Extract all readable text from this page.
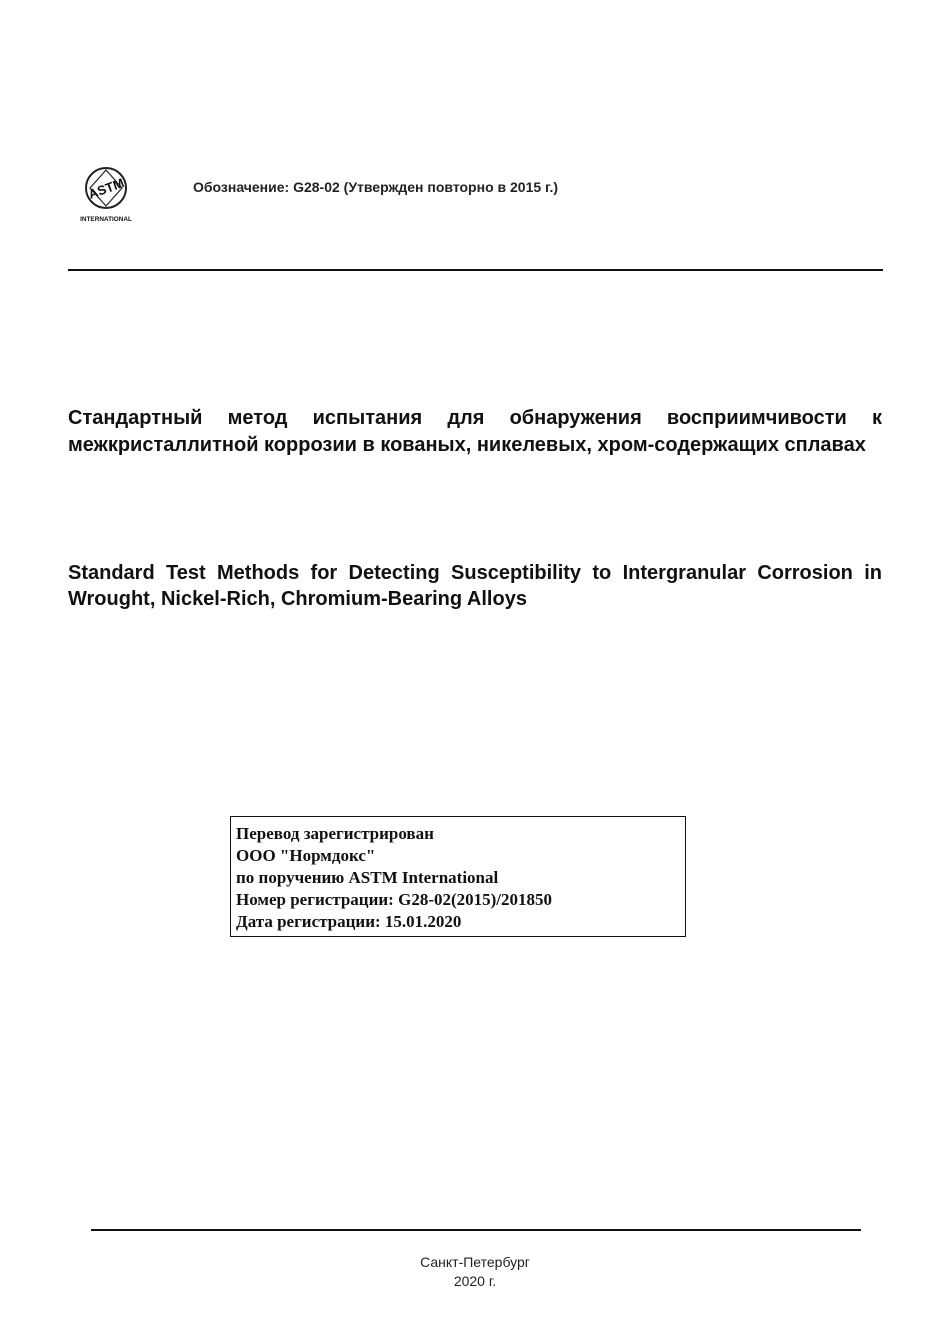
ASTM
INTERNATIONAL
Обозначение: G28-02 (Утвержден повторно в 2015 г.)
Стандартный метод испытания для обнаружения восприимчивости к межкристаллитной коррозии в кованых, никелевых, хром-содержащих сплавах
Standard Test Methods for Detecting Susceptibility to Intergranular Corrosion in Wrought, Nickel-Rich, Chromium-Bearing Alloys
Перевод зарегистрирован
ООО "Нормдокс"
по поручению ASTM International
Номер регистрации: G28-02(2015)/201850
Дата регистрации: 15.01.2020
Санкт-Петербург
2020 г.
